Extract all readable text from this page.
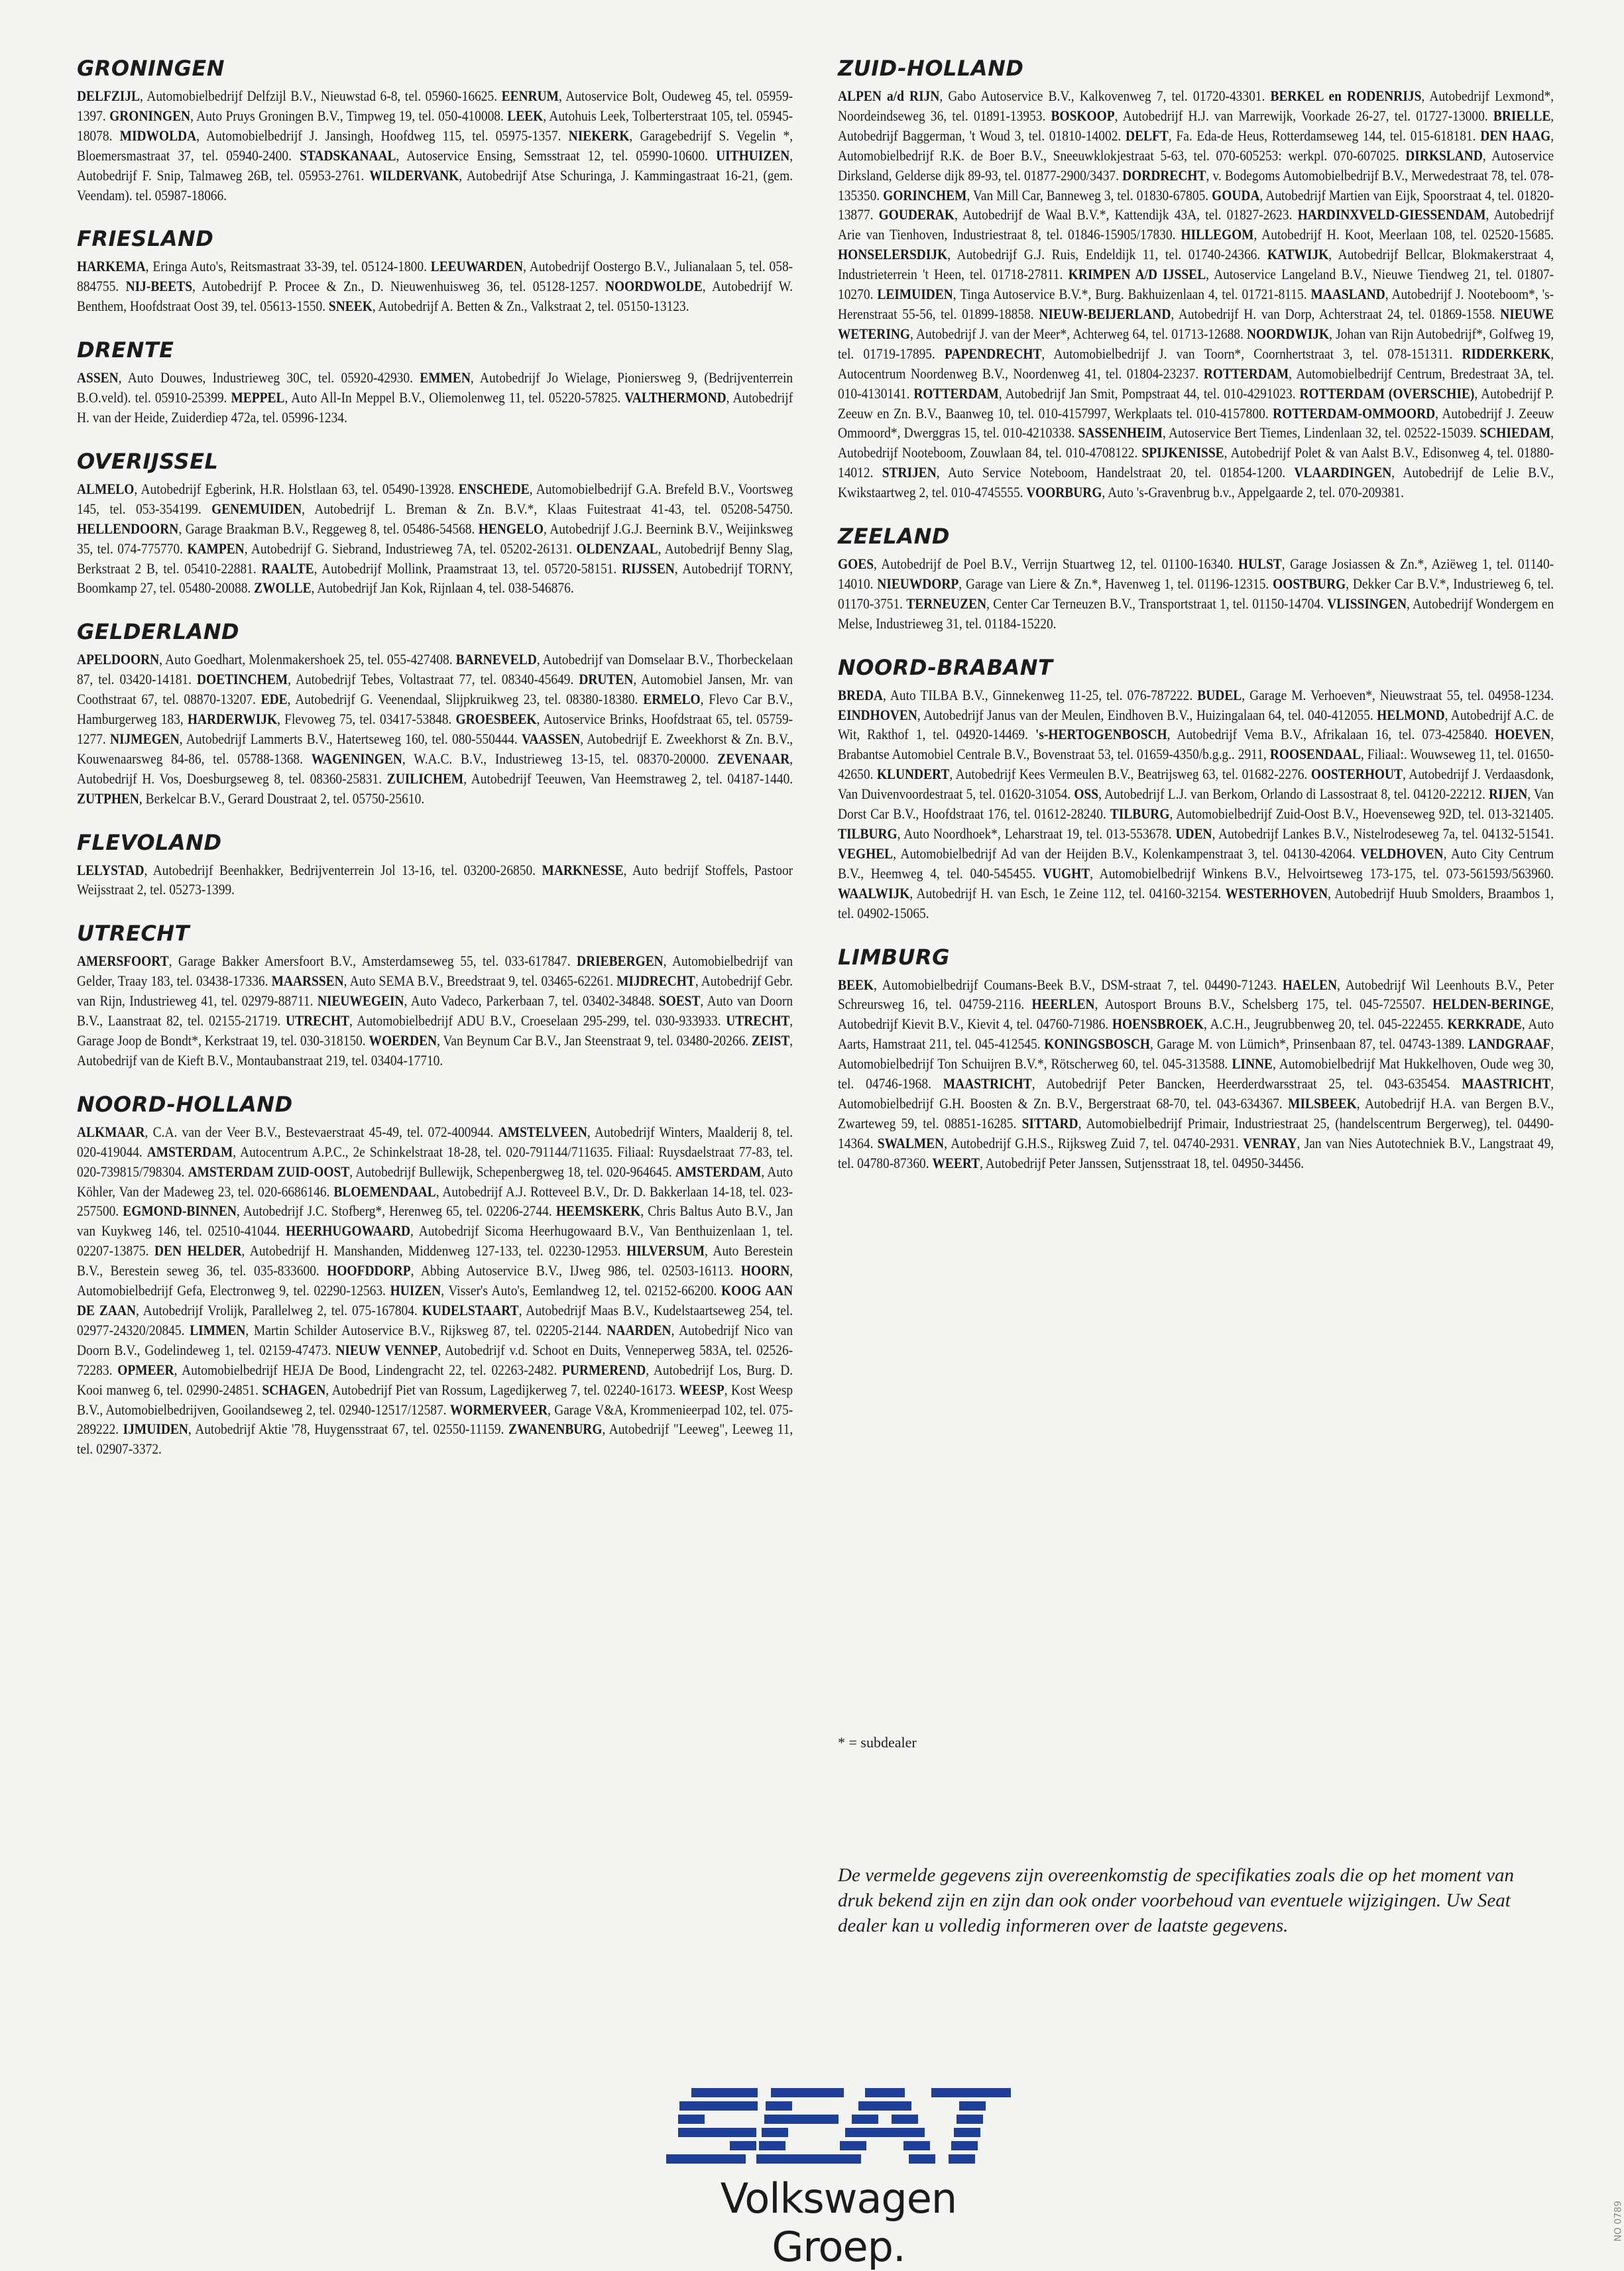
GRONINGEN

DELFZIJL, Automobielbedrijf Delfzijl B.V., Nieuwstad 6-8, tel. 05960-16625. EENRUM, Autoservice Bolt, Oudeweg 45, tel. 05959-1397. GRONINGEN, Auto Pruys Groningen B.V., Timpweg 19, tel. 050-410008. LEEK, Autohuis Leek, Tolberterstraat 105, tel. 05945-18078. MIDWOLDA, Automobielbedrijf J. Jansingh, Hoofdweg 115, tel. 05975-1357. NIEKERK, Garagebedrijf S. Vegelin *, Bloemersmastraat 37, tel. 05940-2400. STADSKANAAL, Autoservice Ensing, Semsstraat 12, tel. 05990-10600. UITHUIZEN, Autobedrijf F. Snip, Talmaweg 26B, tel. 05953-2761. WILDERVANK, Autobedrijf Atse Schuringa, J. Kammingastraat 16-21, (gem. Veendam). tel. 05987-18066.

FRIESLAND

HARKEMA, Eringa Auto's, Reitsmastraat 33-39, tel. 05124-1800. LEEUWARDEN, Autobedrijf Oostergo B.V., Julianalaan 5, tel. 058-884755. NIJ-BEETS, Autobedrijf P. Procee & Zn., D. Nieuwenhuisweg 36, tel. 05128-1257. NOORDWOLDE, Autobedrijf W. Benthem, Hoofdstraat Oost 39, tel. 05613-1550. SNEEK, Autobedrijf A. Betten & Zn., Valkstraat 2, tel. 05150-13123.

DRENTE

ASSEN, Auto Douwes, Industrieweg 30C, tel. 05920-42930. EMMEN, Autobedrijf Jo Wielage, Pioniersweg 9, (Bedrijventerrein B.O.veld). tel. 05910-25399. MEPPEL, Auto All-In Meppel B.V., Oliemolenweg 11, tel. 05220-57825. VALTHERMOND, Autobedrijf H. van der Heide, Zuiderdiep 472a, tel. 05996-1234.

OVERIJSSEL

ALMELO, Autobedrijf Egberink, H.R. Holstlaan 63, tel. 05490-13928. ENSCHEDE, Automobielbedrijf G.A. Brefeld B.V., Voortsweg 145, tel. 053-354199. GENEMUIDEN, Autobedrijf L. Breman & Zn. B.V.*, Klaas Fuitestraat 41-43, tel. 05208-54750. HELLENDOORN, Garage Braakman B.V., Reggeweg 8, tel. 05486-54568. HENGELO, Autobedrijf J.G.J. Beernink B.V., Weijinksweg 35, tel. 074-775770. KAMPEN, Autobedrijf G. Siebrand, Industrieweg 7A, tel. 05202-26131. OLDENZAAL, Autobedrijf Benny Slag, Berkstraat 2 B, tel. 05410-22881. RAALTE, Autobedrijf Mollink, Praamstraat 13, tel. 05720-58151. RIJSSEN, Autobedrijf TORNY, Boomkamp 27, tel. 05480-20088. ZWOLLE, Autobedrijf Jan Kok, Rijnlaan 4, tel. 038-546876.

GELDERLAND

APELDOORN, Auto Goedhart, Molenmakershoek 25, tel. 055-427408. BARNEVELD, Autobedrijf van Domselaar B.V., Thorbeckelaan 87, tel. 03420-14181. DOETINCHEM, Autobedrijf Tebes, Voltastraat 77, tel. 08340-45649. DRUTEN, Automobiel Jansen, Mr. van Coothstraat 67, tel. 08870-13207. EDE, Autobedrijf G. Veenendaal, Slijpkruikweg 23, tel. 08380-18380. ERMELO, Flevo Car B.V., Hamburgerweg 183, HARDERWIJK, Flevoweg 75, tel. 03417-53848. GROESBEEK, Autoservice Brinks, Hoofdstraat 65, tel. 05759-1277. NIJMEGEN, Autobedrijf Lammerts B.V., Hatertseweg 160, tel. 080-550444. VAASSEN, Autobedrijf E. Zweekhorst & Zn. B.V., Kouwenaarsweg 84-86, tel. 05788-1368. WAGENINGEN, W.A.C. B.V., Industrieweg 13-15, tel. 08370-20000. ZEVENAAR, Autobedrijf H. Vos, Doesburgseweg 8, tel. 08360-25831. ZUILICHEM, Autobedrijf Teeuwen, Van Heemstraweg 2, tel. 04187-1440. ZUTPHEN, Berkelcar B.V., Gerard Doustraat 2, tel. 05750-25610.

FLEVOLAND

LELYSTAD, Autobedrijf Beenhakker, Bedrijventerrein Jol 13-16, tel. 03200-26850. MARKNESSE, Auto bedrijf Stoffels, Pastoor Weijsstraat 2, tel. 05273-1399.

UTRECHT

AMERSFOORT, Garage Bakker Amersfoort B.V., Amsterdamseweg 55, tel. 033-617847. DRIEBERGEN, Automobielbedrijf van Gelder, Traay 183, tel. 03438-17336. MAARSSEN, Auto SEMA B.V., Breedstraat 9, tel. 03465-62261. MIJDRECHT, Autobedrijf Gebr. van Rijn, Industrieweg 41, tel. 02979-88711. NIEUWEGEIN, Auto Vadeco, Parkerbaan 7, tel. 03402-34848. SOEST, Auto van Doorn B.V., Laanstraat 82, tel. 02155-21719. UTRECHT, Automobielbedrijf ADU B.V., Croeselaan 295-299, tel. 030-933933. UTRECHT, Garage Joop de Bondt*, Kerkstraat 19, tel. 030-318150. WOERDEN, Van Beynum Car B.V., Jan Steenstraat 9, tel. 03480-20266. ZEIST, Autobedrijf van de Kieft B.V., Montaubanstraat 219, tel. 03404-17710.

NOORD-HOLLAND

ALKMAAR, C.A. van der Veer B.V., Bestevaerstraat 45-49, tel. 072-400944. AMSTELVEEN, Autobedrijf Winters, Maalderij 8, tel. 020-419044. AMSTERDAM, Autocentrum A.P.C., 2e Schinkelstraat 18-28, tel. 020-791144/711635. Filiaal: Ruysdaelstraat 77-83, tel. 020-739815/798304. AMSTERDAM ZUID-OOST, Autobedrijf Bullewijk, Schepenbergweg 18, tel. 020-964645. AMSTERDAM, Auto Köhler, Van der Madeweg 23, tel. 020-6686146. BLOEMENDAAL, Autobedrijf A.J. Rotteveel B.V., Dr. D. Bakkerlaan 14-18, tel. 023-257500. EGMOND-BINNEN, Autobedrijf J.C. Stofberg*, Herenweg 65, tel. 02206-2744. HEEMSKERK, Chris Baltus Auto B.V., Jan van Kuykweg 146, tel. 02510-41044. HEERHUGOWAARD, Autobedrijf Sicoma Heerhugowaard B.V., Van Benthuizenlaan 1, tel. 02207-13875. DEN HELDER, Autobedrijf H. Manshanden, Middenweg 127-133, tel. 02230-12953. HILVERSUM, Auto Berestein B.V., Berestein seweg 36, tel. 035-833600. HOOFDDORP, Abbing Autoservice B.V., IJweg 986, tel. 02503-16113. HOORN, Automobielbedrijf Gefa, Electronweg 9, tel. 02290-12563. HUIZEN, Visser's Auto's, Eemlandweg 12, tel. 02152-66200. KOOG AAN DE ZAAN, Autobedrijf Vrolijk, Parallelweg 2, tel. 075-167804. KUDELSTAART, Autobedrijf Maas B.V., Kudelstaartseweg 254, tel. 02977-24320/20845. LIMMEN, Martin Schilder Autoservice B.V., Rijksweg 87, tel. 02205-2144. NAARDEN, Autobedrijf Nico van Doorn B.V., Godelindeweg 1, tel. 02159-47473. NIEUW VENNEP, Autobedrijf v.d. Schoot en Duits, Venneperweg 583A, tel. 02526-72283. OPMEER, Automobielbedrijf HEJA De Bood, Lindengracht 22, tel. 02263-2482. PURMEREND, Autobedrijf Los, Burg. D. Kooi manweg 6, tel. 02990-24851. SCHAGEN, Autobedrijf Piet van Rossum, Lagedijkerweg 7, tel. 02240-16173. WEESP, Kost Weesp B.V., Automobielbedrijven, Gooilandseweg 2, tel. 02940-12517/12587. WORMERVEER, Garage V&A, Krommenieerpad 102, tel. 075-289222. IJMUIDEN, Autobedrijf Aktie '78, Huygensstraat 67, tel. 02550-11159. ZWANENBURG, Autobedrijf "Leeweg", Leeweg 11, tel. 02907-3372.

ZUID-HOLLAND

ALPEN a/d RIJN, Gabo Autoservice B.V., Kalkovenweg 7, tel. 01720-43301. BERKEL en RODENRIJS, Autobedrijf Lexmond*, Noordeindseweg 36, tel. 01891-13953. BOSKOOP, Autobedrijf H.J. van Marrewijk, Voorkade 26-27, tel. 01727-13000. BRIELLE, Autobedrijf Baggerman, 't Woud 3, tel. 01810-14002. DELFT, Fa. Eda-de Heus, Rotterdamseweg 144, tel. 015-618181. DEN HAAG, Automobielbedrijf R.K. de Boer B.V., Sneeuwklokjestraat 5-63, tel. 070-605253: werkpl. 070-607025. DIRKSLAND, Autoservice Dirksland, Gelderse dijk 89-93, tel. 01877-2900/3437. DORDRECHT, v. Bodegoms Automobielbedrijf B.V., Merwedestraat 78, tel. 078-135350. GORINCHEM, Van Mill Car, Banneweg 3, tel. 01830-67805. GOUDA, Autobedrijf Martien van Eijk, Spoorstraat 4, tel. 01820-13877. GOUDERAK, Autobedrijf de Waal B.V.*, Kattendijk 43A, tel. 01827-2623. HARDINXVELD-GIESSENDAM, Autobedrijf Arie van Tienhoven, Industriestraat 8, tel. 01846-15905/17830. HILLEGOM, Autobedrijf H. Koot, Meerlaan 108, tel. 02520-15685. HONSELERSDIJK, Autobedrijf G.J. Ruis, Endeldijk 11, tel. 01740-24366. KATWIJK, Autobedrijf Bellcar, Blokmakerstraat 4, Industrieterrein 't Heen, tel. 01718-27811. KRIMPEN A/D IJSSEL, Autoservice Langeland B.V., Nieuwe Tiendweg 21, tel. 01807-10270. LEIMUIDEN, Tinga Autoservice B.V.*, Burg. Bakhuizenlaan 4, tel. 01721-8115. MAASLAND, Autobedrijf J. Nooteboom*, 's-Herenstraat 55-56, tel. 01899-18858. NIEUW-BEIJERLAND, Autobedrijf H. van Dorp, Achterstraat 24, tel. 01869-1558. NIEUWE WETERING, Autobedrijf J. van der Meer*, Achterweg 64, tel. 01713-12688. NOORDWIJK, Johan van Rijn Autobedrijf*, Golfweg 19, tel. 01719-17895. PAPENDRECHT, Automobielbedrijf J. van Toorn*, Coornhertstraat 3, tel. 078-151311. RIDDERKERK, Autocentrum Noordenweg B.V., Noordenweg 41, tel. 01804-23237. ROTTERDAM, Automobielbedrijf Centrum, Bredestraat 3A, tel. 010-4130141. ROTTERDAM, Autobedrijf Jan Smit, Pompstraat 44, tel. 010-4291023. ROTTERDAM (OVERSCHIE), Autobedrijf P. Zeeuw en Zn. B.V., Baanweg 10, tel. 010-4157997, Werkplaats tel. 010-4157800. ROTTERDAM-OMMOORD, Autobedrijf J. Zeeuw Ommoord*, Dwerggras 15, tel. 010-4210338. SASSENHEIM, Autoservice Bert Tiemes, Lindenlaan 32, tel. 02522-15039. SCHIEDAM, Autobedrijf Nooteboom, Zouwlaan 84, tel. 010-4708122. SPIJKENISSE, Autobedrijf Polet & van Aalst B.V., Edisonweg 4, tel. 01880-14012. STRIJEN, Auto Service Noteboom, Handelstraat 20, tel. 01854-1200. VLAARDINGEN, Autobedrijf de Lelie B.V., Kwikstaartweg 2, tel. 010-4745555. VOORBURG, Auto 's-Gravenbrug b.v., Appelgaarde 2, tel. 070-209381.

ZEELAND

GOES, Autobedrijf de Poel B.V., Verrijn Stuartweg 12, tel. 01100-16340. HULST, Garage Josiassen & Zn.*, Aziëweg 1, tel. 01140-14010. NIEUWDORP, Garage van Liere & Zn.*, Havenweg 1, tel. 01196-12315. OOSTBURG, Dekker Car B.V.*, Industrieweg 6, tel. 01170-3751. TERNEUZEN, Center Car Terneuzen B.V., Transportstraat 1, tel. 01150-14704. VLISSINGEN, Autobedrijf Wondergem en Melse, Industrieweg 31, tel. 01184-15220.

NOORD-BRABANT

BREDA, Auto TILBA B.V., Ginnekenweg 11-25, tel. 076-787222. BUDEL, Garage M. Verhoeven*, Nieuwstraat 55, tel. 04958-1234. EINDHOVEN, Autobedrijf Janus van der Meulen, Eindhoven B.V., Huizingalaan 64, tel. 040-412055. HELMOND, Autobedrijf A.C. de Wit, Rakthof 1, tel. 04920-14469. 's-HERTOGENBOSCH, Autobedrijf Vema B.V., Afrikalaan 16, tel. 073-425840. HOEVEN, Brabantse Automobiel Centrale B.V., Bovenstraat 53, tel. 01659-4350/b.g.g.. 2911, ROOSENDAAL, Filiaal:. Wouwseweg 11, tel. 01650-42650. KLUNDERT, Autobedrijf Kees Vermeulen B.V., Beatrijsweg 63, tel. 01682-2276. OOSTERHOUT, Autobedrijf J. Verdaasdonk, Van Duivenvoordestraat 5, tel. 01620-31054. OSS, Autobedrijf L.J. van Berkom, Orlando di Lassostraat 8, tel. 04120-22212. RIJEN, Van Dorst Car B.V., Hoofdstraat 176, tel. 01612-28240. TILBURG, Automobielbedrijf Zuid-Oost B.V., Hoevenseweg 92D, tel. 013-321405. TILBURG, Auto Noordhoek*, Leharstraat 19, tel. 013-553678. UDEN, Autobedrijf Lankes B.V., Nistelrodeseweg 7a, tel. 04132-51541. VEGHEL, Automobielbedrijf Ad van der Heijden B.V., Kolenkampenstraat 3, tel. 04130-42064. VELDHOVEN, Auto City Centrum B.V., Heemweg 4, tel. 040-545455. VUGHT, Automobielbedrijf Winkens B.V., Helvoirtseweg 173-175, tel. 073-561593/563960. WAALWIJK, Autobedrijf H. van Esch, 1e Zeine 112, tel. 04160-32154. WESTERHOVEN, Autobedrijf Huub Smolders, Braambos 1, tel. 04902-15065.

LIMBURG

BEEK, Automobielbedrijf Coumans-Beek B.V., DSM-straat 7, tel. 04490-71243. HAELEN, Autobedrijf Wil Leenhouts B.V., Peter Schreursweg 16, tel. 04759-2116. HEERLEN, Autosport Brouns B.V., Schelsberg 175, tel. 045-725507. HELDEN-BERINGE, Autobedrijf Kievit B.V., Kievit 4, tel. 04760-71986. HOENSBROEK, A.C.H., Jeugrubbenweg 20, tel. 045-222455. KERKRADE, Auto Aarts, Hamstraat 211, tel. 045-412545. KONINGSBOSCH, Garage M. von Lümich*, Prinsenbaan 87, tel. 04743-1389. LANDGRAAF, Automobielbedrijf Ton Schuijren B.V.*, Rötscherweg 60, tel. 045-313588. LINNE, Automobielbedrijf Mat Hukkelhoven, Oude weg 30, tel. 04746-1968. MAASTRICHT, Autobedrijf Peter Bancken, Heerderdwarsstraat 25, tel. 043-635454. MAASTRICHT, Automobielbedrijf G.H. Boosten & Zn. B.V., Bergerstraat 68-70, tel. 043-634367. MILSBEEK, Autobedrijf H.A. van Bergen B.V., Zwarteweg 59, tel. 08851-16285. SITTARD, Automobielbedrijf Primair, Industriestraat 25, (handelscentrum Bergerweg), tel. 04490-14364. SWALMEN, Autobedrijf G.H.S., Rijksweg Zuid 7, tel. 04740-2931. VENRAY, Jan van Nies Autotechniek B.V., Langstraat 49, tel. 04780-87360. WEERT, Autobedrijf Peter Janssen, Sutjensstraat 18, tel. 04950-34456.

* = subdealer
De vermelde gegevens zijn overeenkomstig de specifikaties zoals die op het moment van druk bekend zijn en zijn dan ook onder voorbehoud van eventuele wijzigingen. Uw Seat dealer kan u volledig informeren over de laatste gegevens.
Volkswagen Groep.
NO 0789
